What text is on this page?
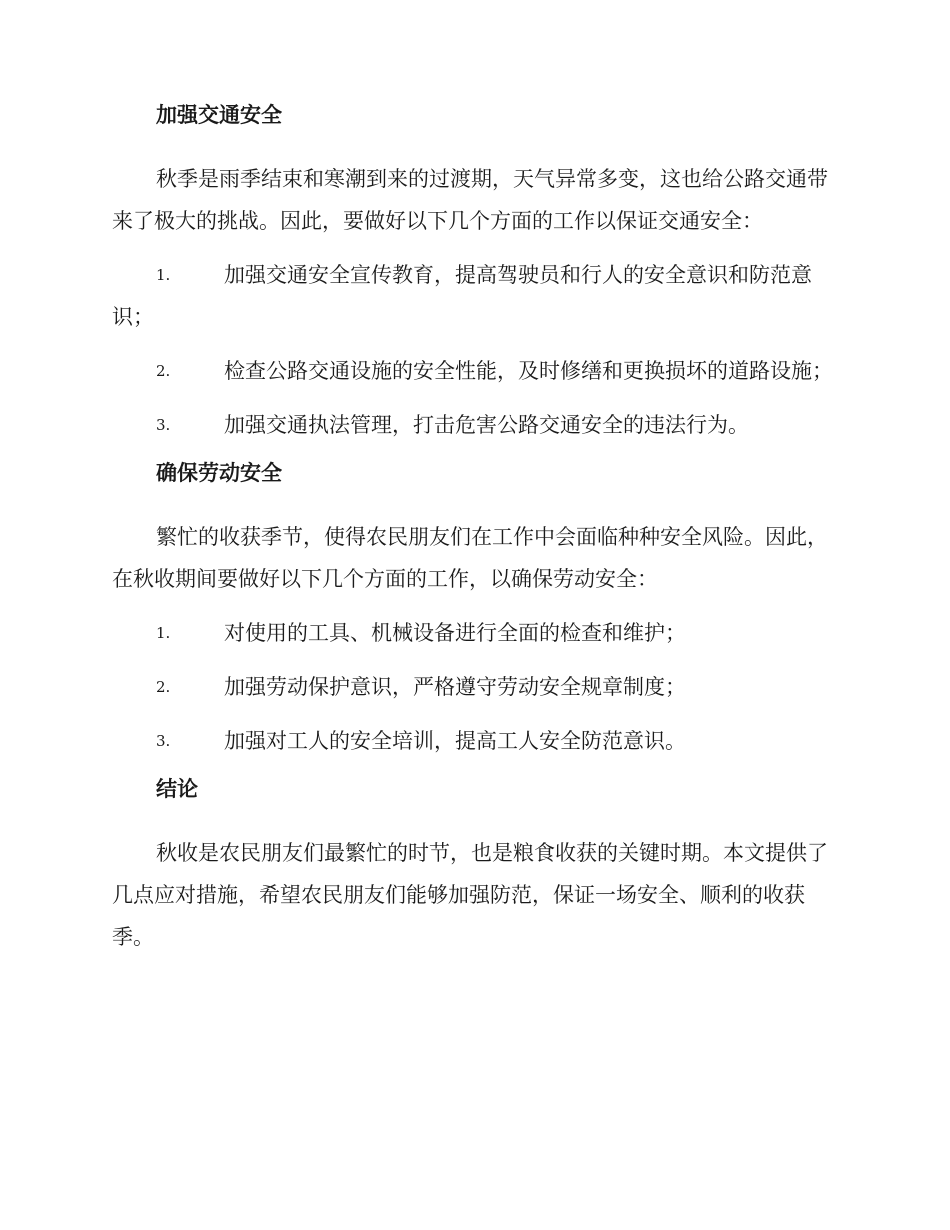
加强交通安全

秋季是雨季结束和寒潮到来的过渡期，天气异常多变，这也给公路交通带来了极大的挑战。因此，要做好以下几个方面的工作以保证交通安全：

1.	加强交通安全宣传教育，提高驾驶员和行人的安全意识和防范意识；
2.	检查公路交通设施的安全性能，及时修缮和更换损坏的道路设施；
3.	加强交通执法管理，打击危害公路交通安全的违法行为。
确保劳动安全

繁忙的收获季节，使得农民朋友们在工作中会面临种种安全风险。因此，在秋收期间要做好以下几个方面的工作，以确保劳动安全：

1.	对使用的工具、机械设备进行全面的检查和维护；
2.	加强劳动保护意识，严格遵守劳动安全规章制度；
3.	加强对工人的安全培训，提高工人安全防范意识。
结论

秋收是农民朋友们最繁忙的时节，也是粮食收获的关键时期。本文提供了几点应对措施，希望农民朋友们能够加强防范，保证一场安全、顺利的收获季。
